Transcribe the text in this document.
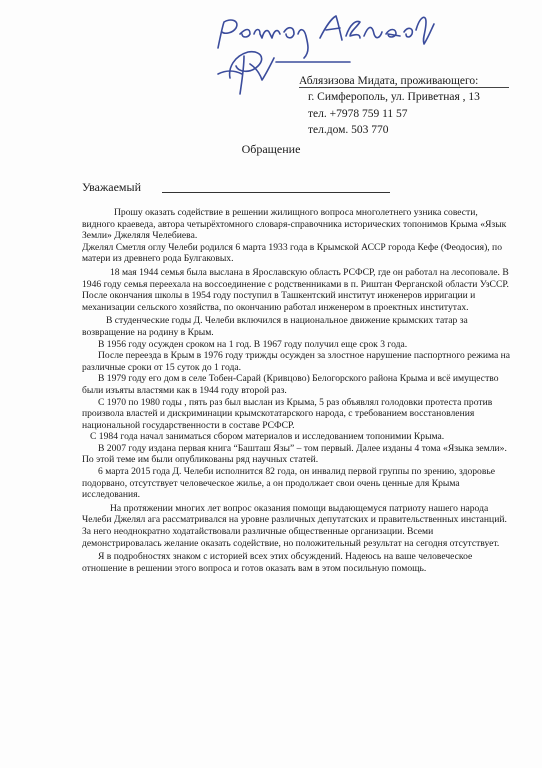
Аблязизова Мидата, проживающего:
г. Симферополь, ул. Приветная , 13
тел. +7978 759 11 57
тел.дом. 503 770
Обращение
Уважаемый

Прошу оказать содействие в решении жилищного вопроса многолетнего узника совести, видного краеведа, автора четырёхтомного словаря-справочника исторических топонимов Крыма «Язык Земли» Джеляля Челебиева.

Джелял Сметля оглу Челеби родился 6 марта 1933 года в Крымской АССР города Кефе (Феодосия), по матери из древнего рода Булгаковых.

18 мая 1944 семья была выслана в Ярославскую область РСФСР, где он работал на лесоповале. В 1946 году семья переехала на воссоединение с родственниками в п. Риштан Ферганской области УзССР. После окончания школы в 1954 году поступил в Ташкентский институт инженеров ирригации и механизации сельского хозяйства, по окончанию работал инженером в проектных институтах.

В студенческие годы Д. Челеби включился в национальное движение крымских татар за возвращение на родину в Крым.

В 1956 году осужден сроком на 1 год. В 1967 году получил еще срок 3 года.

После переезда в Крым в 1976 году трижды осужден за злостное нарушение паспортного режима на различные сроки от 15 суток до 1 года.

В 1979 году его дом в селе Тобен-Сарай (Кривцово) Белогорского района Крыма и всё имущество были изъяты властями как в 1944 году второй раз.

С 1970 по 1980 годы , пять раз был выслан из Крыма, 5 раз объявлял голодовки протеста против произвола властей и дискриминации крымскотатарского народа, с требованием восстановления национальной государственности в составе РСФСР.

С 1984 года начал заниматься сбором материалов и исследованием топонимии Крыма.

В 2007 году издана первая книга “Башташ Язы” – том первый. Далее изданы 4 тома «Языка земли». По этой теме им были опубликованы ряд научных статей.

6 марта 2015 года Д. Челеби исполнится 82 года, он инвалид первой группы по зрению, здоровье подорвано, отсутствует человеческое жилье, а он продолжает свои очень ценные для Крыма исследования.

На протяжении многих лет вопрос оказания помощи выдающемуся патриоту нашего народа Челеби Джелял ага рассматривался на уровне различных депутатских и правительственных инстанций. За него неоднократно ходатайствовали различные общественные организации. Всеми демонстрировалась желание оказать содействие, но положительный результат на сегодня отсутствует.

Я в подробностях знаком с историей всех этих обсуждений. Надеюсь на ваше человеческое отношение в решении этого вопроса и готов оказать вам в этом посильную помощь.
